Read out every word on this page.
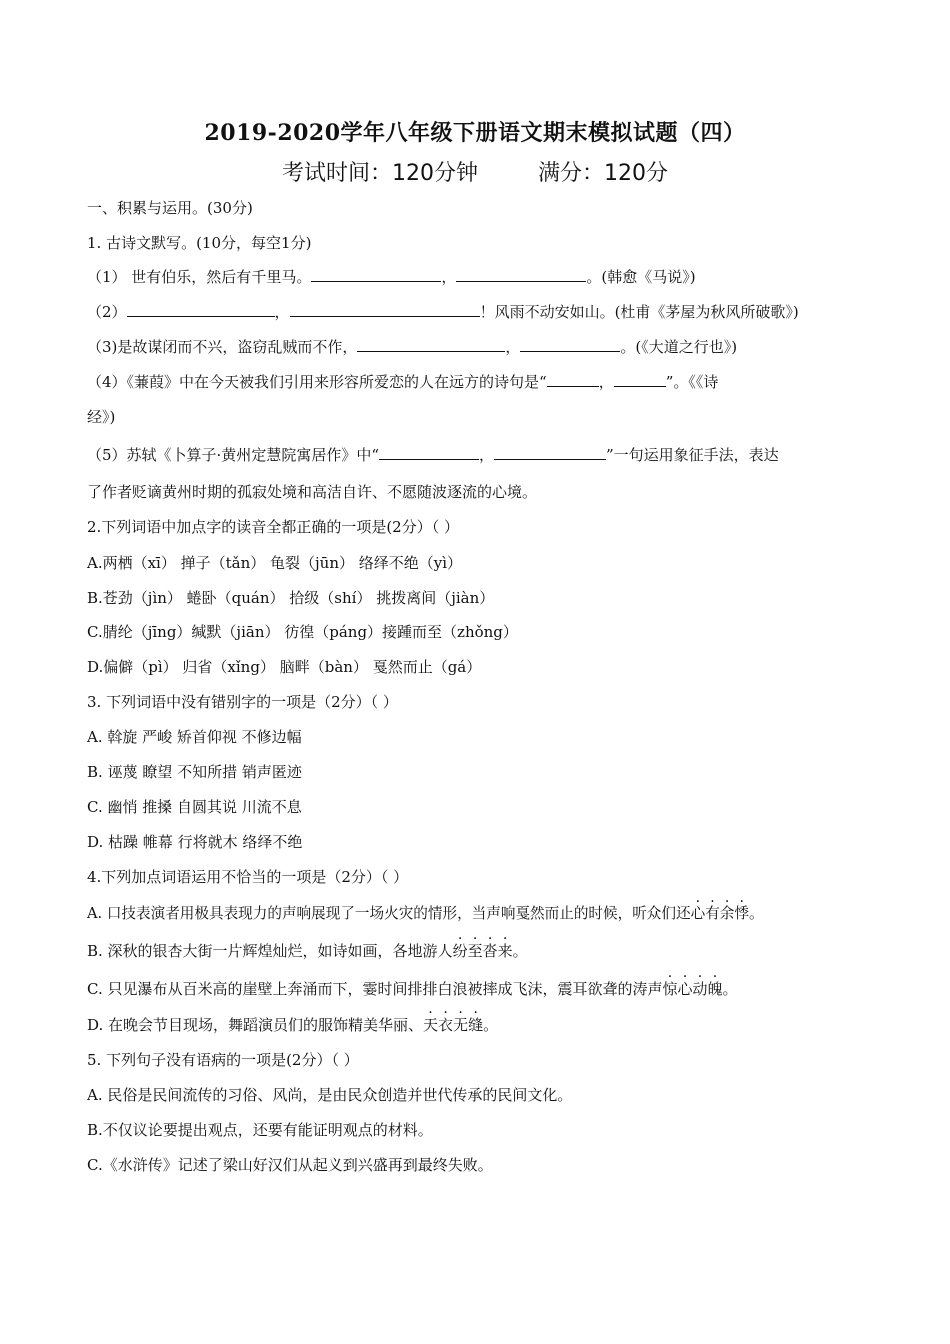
2019-2020学年八年级下册语文期末模拟试题（四）
考试时间：120分钟	满分：120分
一、积累与运用。(30分)
1. 古诗文默写。(10分，每空1分)
（1） 世有伯乐，然后有千里马。	，	。(韩愈《马说》)
（2）	，	！风雨不动安如山。(杜甫《茅屋为秋风所破歌》)
（3)是故谋闭而不兴，盗窃乱贼而不作，	，	。(《大道之行也》)
（4）《蒹葭》中在今天被我们引用来形容所爱恋的人在远方的诗句是“	，	”。《《诗
经》)
（5）苏轼《卜算子·黄州定慧院寓居作》中“	，	”一句运用象征手法，表达
了作者贬谪黄州时期的孤寂处境和高洁自许、不愿随波逐流的心境。
2.下列词语中加点字的读音全都正确的一项是(2分）（ ）
A.两栖（xī） 掸子（tǎn） 龟裂（jūn） 络绎不绝（yì）
B.苍劲（jìn） 蜷卧（quán） 拾级（shí） 挑拨离间（jiàn）
C.腈纶（jīng）缄默（jiān） 彷徨（páng）接踵而至（zhǒng）
D.偏僻（pì） 归省（xǐng） 脑畔（bàn） 戛然而止（gá）
3. 下列词语中没有错别字的一项是（2分）（ ）
A. 斡旋 严峻 矫首仰视 不修边幅
B. 诬蔑 瞭望 不知所措 销声匿迹
C. 幽悄 推搡 自圆其说 川流不息
D. 枯躁 帷幕 行将就木 络绎不绝
4.下列加点词语运用不恰当的一项是（2分）（ ）
A. 口技表演者用极具表现力的声响展现了一场火灾的情形，当声响戛然而止的时候，听众们还心有余悸。
B. 深秋的银杏大街一片辉煌灿烂，如诗如画，各地游人纷至沓来。
C. 只见瀑布从百米高的崖壁上奔涌而下，霎时间排排白浪被摔成飞沫，震耳欲聋的涛声惊心动魄。
D. 在晚会节目现场，舞蹈演员们的服饰精美华丽、天衣无缝。
5. 下列句子没有语病的一项是(2分）（ ）
A. 民俗是民间流传的习俗、风尚，是由民众创造并世代传承的民间文化。
B.不仅议论要提出观点，还要有能证明观点的材料。
C.《水浒传》记述了梁山好汉们从起义到兴盛再到最终失败。
